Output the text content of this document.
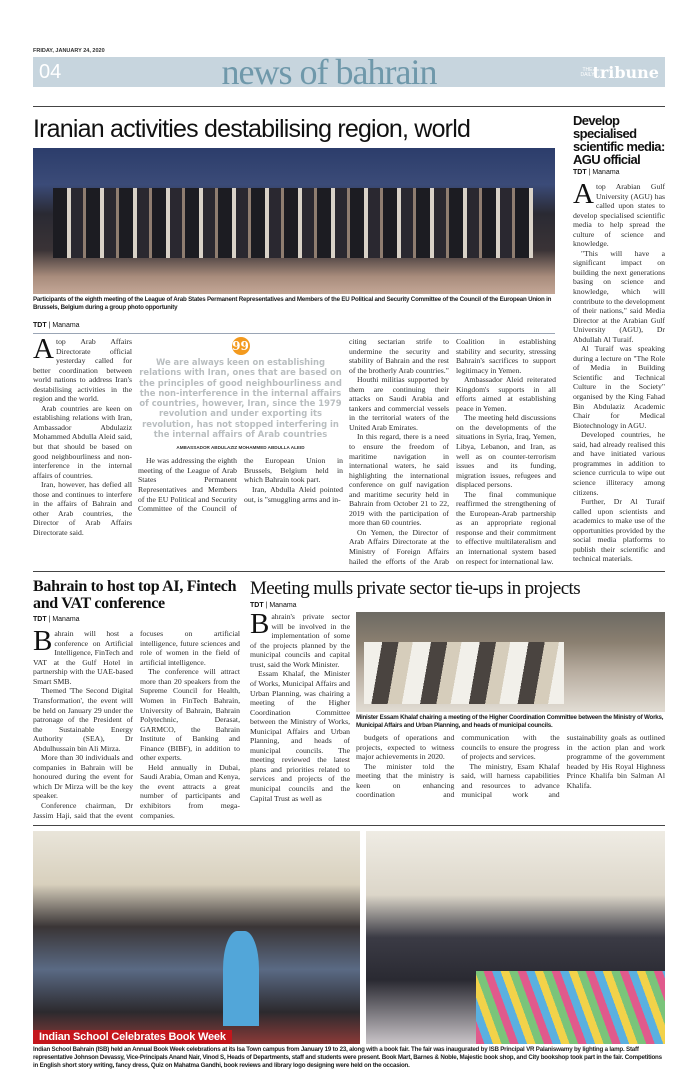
FRIDAY, JANUARY 24, 2020
04	news of bahrain	THE DAILYtribune
Iranian activities destabilising region, world
Participants of the eighth meeting of the League of Arab States Permanent Representatives and Members of the EU Political and Security Committee of the Council of the European Union in Brussels, Belgium during a group photo opportunity
TDT | Manama

Atop Arab Affairs Directorate official yesterday called for better coordination between world nations to address Iran's destabilising activities in the region and the world.

Arab countries are keen on establishing relations with Iran, Ambassador Abdulaziz Mohammed Abdulla Aleid said, but that should be based on good neighbourliness and non-interference in the internal affairs of countries.

Iran, however, has defied all those and continues to interfere in the affairs of Bahrain and other Arab countries, the Director of Arab Affairs Directorate said.

99
We are always keen on establishing relations with Iran, ones that are based on the principles of good neighbourliness and the non-interference in the internal affairs of countries, however, Iran, since the 1979 revolution and under exporting its revolution, has not stopped interfering in the internal affairs of Arab countries
AMBASSADOR ABDULAZIZ MOHAMMED ABDULLA ALEID

He was addressing the eighth meeting of the League of Arab States Permanent Representatives and Members of the EU Political and Security Committee of the Council of the European Union in Brussels, Belgium held in which Bahrain took part.

Iran, Abdulla Aleid pointed out, is "smuggling arms and in-

citing sectarian strife to undermine the security and stability of Bahrain and the rest of the brotherly Arab countries."

Houthi militias supported by them are continuing their attacks on Saudi Arabia and tankers and commercial vessels in the territorial waters of the United Arab Emirates.

In this regard, there is a need to ensure the freedom of maritime navigation in international waters, he said highlighting the international conference on gulf navigation and maritime security held in Bahrain from October 21 to 22, 2019 with the participation of more than 60 countries.

On Yemen, the Director of Arab Affairs Directorate at the Ministry of Foreign Affairs hailed the efforts of the Arab Coalition in establishing stability and security, stressing Bahrain's sacrifices to support legitimacy in Yemen.

Ambassador Aleid reiterated Kingdom's supports in all efforts aimed at establishing peace in Yemen.

The meeting held discussions on the developments of the situations in Syria, Iraq, Yemen, Libya, Lebanon, and Iran, as well as on counter-terrorism issues and its funding, migration issues, refugees and displaced persons.

The final communique reaffirmed the strengthening of the European-Arab partnership as an appropriate regional response and their commitment to effective multilateralism and an international system based on respect for international law.

Develop specialised scientific media: AGU official
TDT | Manama

Atop Arabian Gulf University (AGU) has called upon states to develop specialised scientific media to help spread the culture of science and knowledge.

"This will have a significant impact on building the next generations basing on science and knowledge, which will contribute to the development of their nations," said Media Director at the Arabian Gulf University (AGU), Dr Abdullah Al Turaif.

Al Turaif was speaking during a lecture on "The Role of Media in Building Scientific and Technical Culture in the Society" organised by the King Fahad Bin Abdulaziz Academic Chair for Medical Biotechnology in AGU.

Developed countries, he said, had already realised this and have initiated various programmes in addition to science curricula to wipe out science illiteracy among citizens.

Further, Dr Al Turaif called upon scientists and academics to make use of the opportunities provided by the social media platforms to publish their scientific and technical materials.

Bahrain to host top AI, Fintech and VAT conference
TDT | Manama

Bahrain will host a conference on Artificial Intelligence, FinTech and VAT at the Gulf Hotel in partnership with the UAE-based Smart SMB.

Themed 'The Second Digital Transformation', the event will be held on January 29 under the patronage of the President of the Sustainable Energy Authority (SEA), Dr Abdulhussain bin Ali Mirza.

More than 30 individuals and companies in Bahrain will be honoured during the event for which Dr Mirza will be the key speaker.

Conference chairman, Dr Jassim Haji, said that the event focuses on artificial intelligence, future sciences and role of women in the field of artificial intelligence.

The conference will attract more than 20 speakers from the Supreme Council for Health, Women in FinTech Bahrain, University of Bahrain, Bahrain Polytechnic, Derasat, GARMCO, the Bahrain Institute of Banking and Finance (BIBF), in addition to other experts.

Held annually in Dubai, Saudi Arabia, Oman and Kenya, the event attracts a great number of participants and exhibitors from mega-companies.

Meeting mulls private sector tie-ups in projects
TDT | Manama

Bahrain's private sector will be involved in the implementation of some of the projects planned by the municipal councils and capital trust, said the Work Minister.

Essam Khalaf, the Minister of Works, Municipal Affairs and Urban Planning, was chairing a meeting of the Higher Coordination Committee between the Ministry of Works, Municipal Affairs and Urban Planning, and heads of municipal councils. The meeting reviewed the latest plans and priorities related to services and projects of the municipal councils and the Capital Trust as well as

Minister Essam Khalaf chairing a meeting of the Higher Coordination Committee between the Ministry of Works, Municipal Affairs and Urban Planning, and heads of municipal councils.

budgets of operations and projects, expected to witness major achievements in 2020.

The minister told the meeting that the ministry is keen on enhancing coordination and communication with the councils to ensure the progress of projects and services.

The ministry, Esam Khalaf said, will harness capabilities and resources to advance municipal work and sustainability goals as outlined in the action plan and work programme of the government headed by His Royal Highness Prince Khalifa bin Salman Al Khalifa.

Indian School Celebrates Book Week
Indian School Bahrain (ISB) held an Annual Book Week celebrations at its Isa Town campus from January 19 to 23, along with a book fair. The fair was inaugurated by ISB Principal VR Palaniswamy by lighting a lamp. Staff representative Johnson Devassy, Vice-Principals Anand Nair, Vinod S, Heads of Departments, staff and students were present. Book Mart, Barnes & Noble, Majestic book shop, and City bookshop took part in the fair. Competitions in English short story writing, fancy dress, Quiz on Mahatma Gandhi, book reviews and library logo designing were held on the occasion.
